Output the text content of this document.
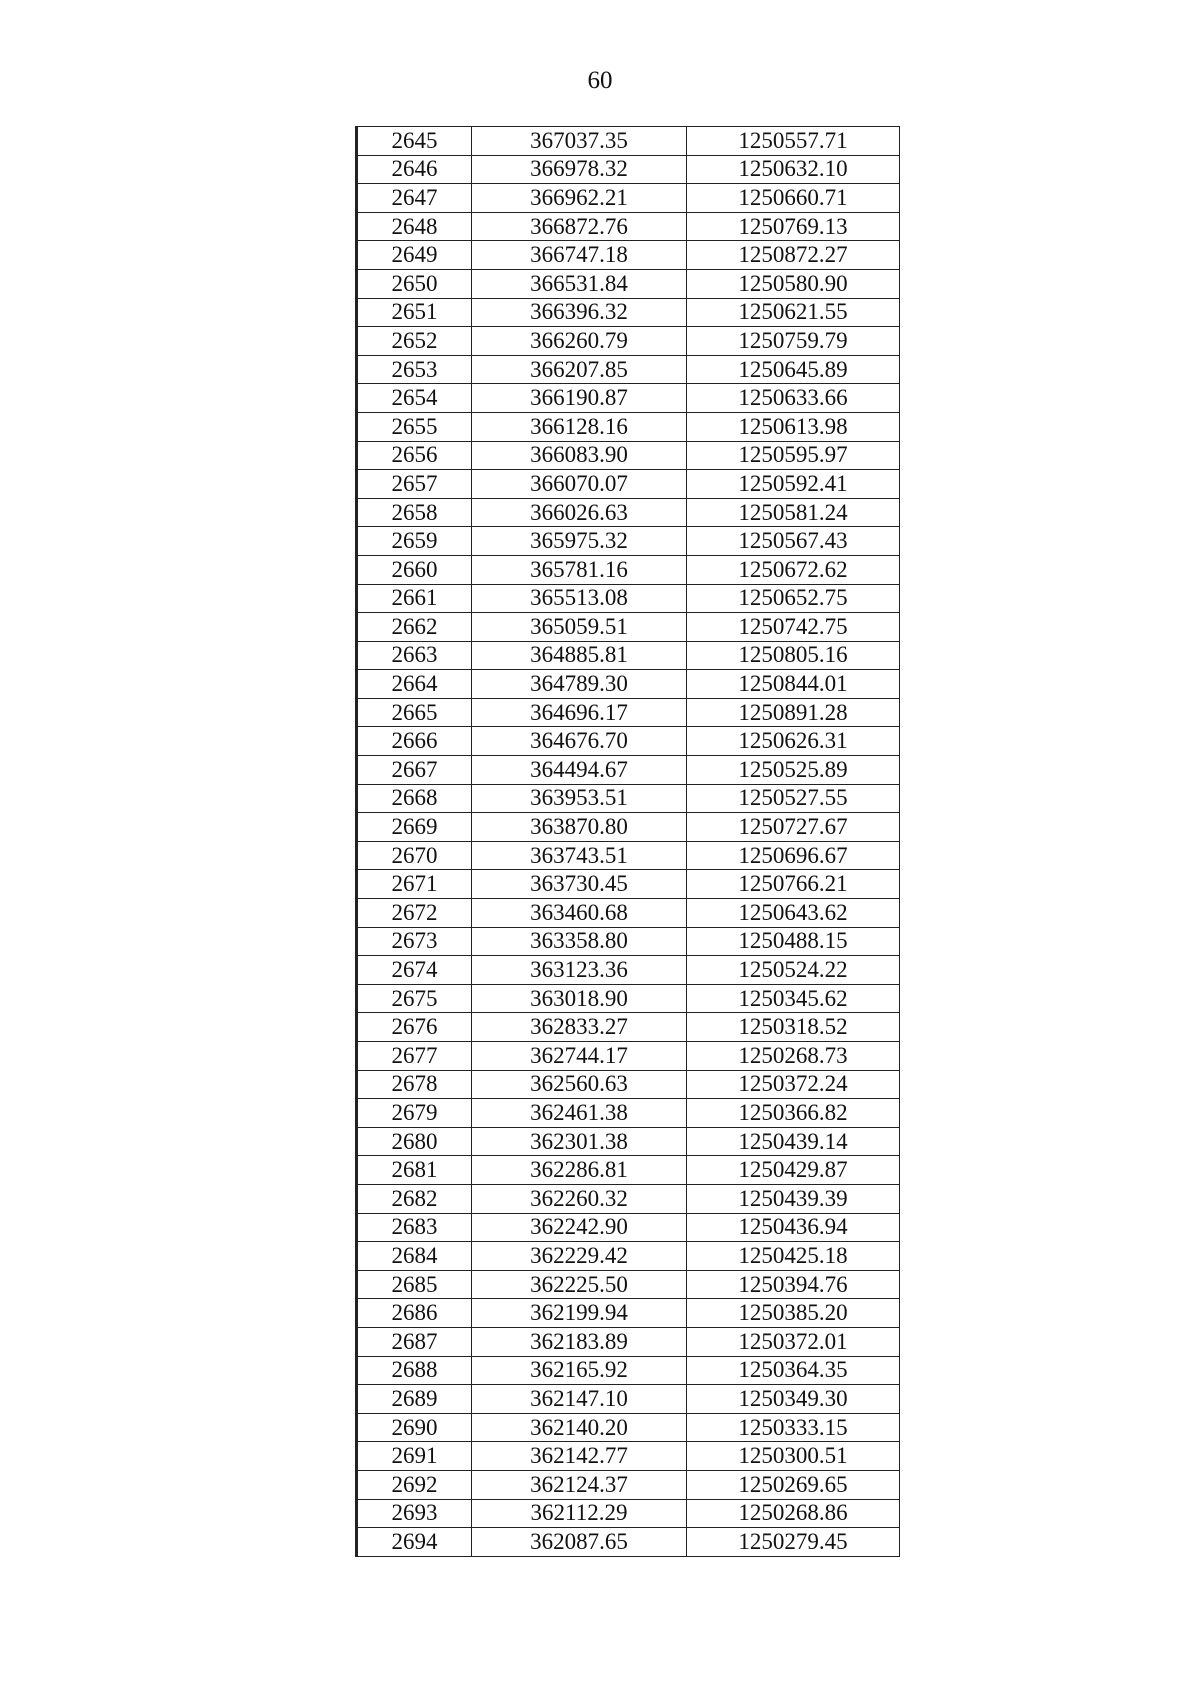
60
2645	367037.35	1250557.71
2646	366978.32	1250632.10
2647	366962.21	1250660.71
2648	366872.76	1250769.13
2649	366747.18	1250872.27
2650	366531.84	1250580.90
2651	366396.32	1250621.55
2652	366260.79	1250759.79
2653	366207.85	1250645.89
2654	366190.87	1250633.66
2655	366128.16	1250613.98
2656	366083.90	1250595.97
2657	366070.07	1250592.41
2658	366026.63	1250581.24
2659	365975.32	1250567.43
2660	365781.16	1250672.62
2661	365513.08	1250652.75
2662	365059.51	1250742.75
2663	364885.81	1250805.16
2664	364789.30	1250844.01
2665	364696.17	1250891.28
2666	364676.70	1250626.31
2667	364494.67	1250525.89
2668	363953.51	1250527.55
2669	363870.80	1250727.67
2670	363743.51	1250696.67
2671	363730.45	1250766.21
2672	363460.68	1250643.62
2673	363358.80	1250488.15
2674	363123.36	1250524.22
2675	363018.90	1250345.62
2676	362833.27	1250318.52
2677	362744.17	1250268.73
2678	362560.63	1250372.24
2679	362461.38	1250366.82
2680	362301.38	1250439.14
2681	362286.81	1250429.87
2682	362260.32	1250439.39
2683	362242.90	1250436.94
2684	362229.42	1250425.18
2685	362225.50	1250394.76
2686	362199.94	1250385.20
2687	362183.89	1250372.01
2688	362165.92	1250364.35
2689	362147.10	1250349.30
2690	362140.20	1250333.15
2691	362142.77	1250300.51
2692	362124.37	1250269.65
2693	362112.29	1250268.86
2694	362087.65	1250279.45
